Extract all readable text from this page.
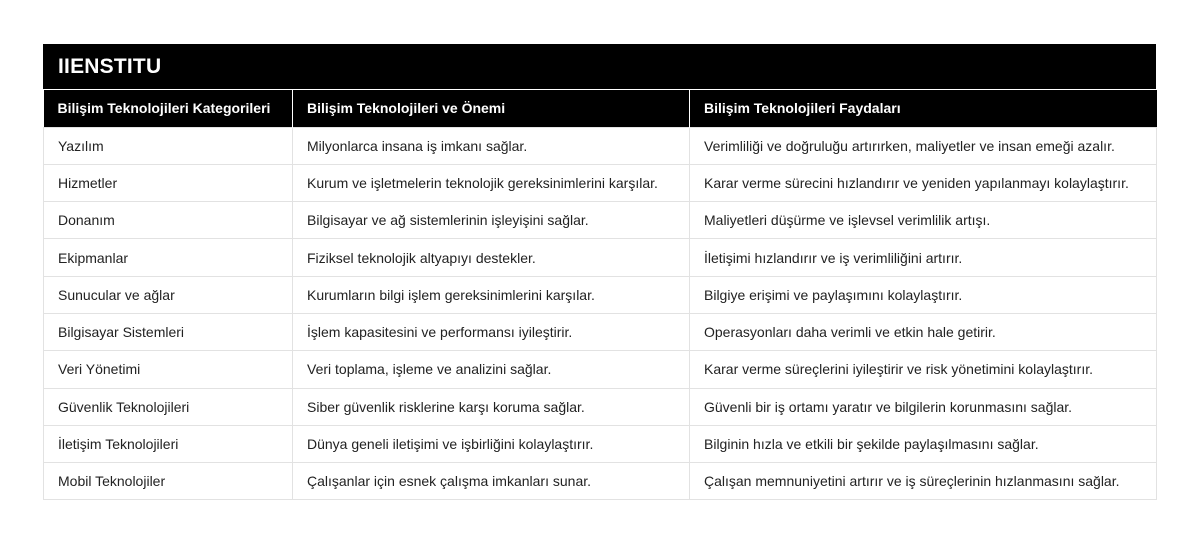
IIENSTITU
Bilişim Teknolojileri Kategorileri	Bilişim Teknolojileri ve Önemi	Bilişim Teknolojileri Faydaları
Yazılım	Milyonlarca insana iş imkanı sağlar.	Verimliliği ve doğruluğu artırırken, maliyetler ve insan emeği azalır.
Hizmetler	Kurum ve işletmelerin teknolojik gereksinimlerini karşılar.	Karar verme sürecini hızlandırır ve yeniden yapılanmayı kolaylaştırır.
Donanım	Bilgisayar ve ağ sistemlerinin işleyişini sağlar.	Maliyetleri düşürme ve işlevsel verimlilik artışı.
Ekipmanlar	Fiziksel teknolojik altyapıyı destekler.	İletişimi hızlandırır ve iş verimliliğini artırır.
Sunucular ve ağlar	Kurumların bilgi işlem gereksinimlerini karşılar.	Bilgiye erişimi ve paylaşımını kolaylaştırır.
Bilgisayar Sistemleri	İşlem kapasitesini ve performansı iyileştirir.	Operasyonları daha verimli ve etkin hale getirir.
Veri Yönetimi	Veri toplama, işleme ve analizini sağlar.	Karar verme süreçlerini iyileştirir ve risk yönetimini kolaylaştırır.
Güvenlik Teknolojileri	Siber güvenlik risklerine karşı koruma sağlar.	Güvenli bir iş ortamı yaratır ve bilgilerin korunmasını sağlar.
İletişim Teknolojileri	Dünya geneli iletişimi ve işbirliğini kolaylaştırır.	Bilginin hızla ve etkili bir şekilde paylaşılmasını sağlar.
Mobil Teknolojiler	Çalışanlar için esnek çalışma imkanları sunar.	Çalışan memnuniyetini artırır ve iş süreçlerinin hızlanmasını sağlar.
